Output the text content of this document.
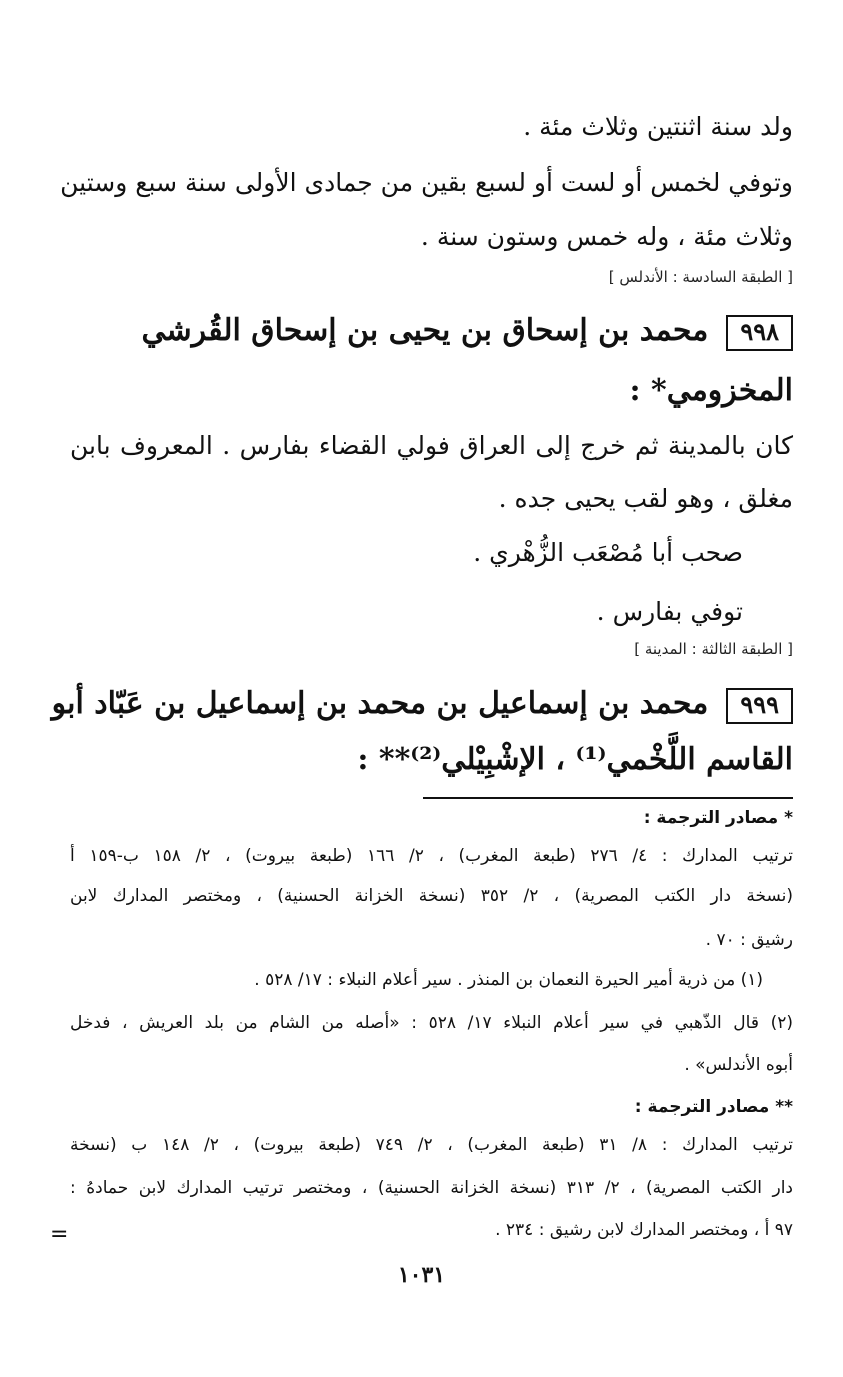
ولد سنة اثنتين وثلاث مئة .
وتوفي لخمس أو لست أو لسبع بقين من جمادى الأولى سنة سبع وستين
وثلاث مئة ، وله خمس وستون سنة .
[ الطبقة السادسة : الأندلس ]
٩٩٨محمد بن إسحاق بن يحيى بن إسحاق القُرشي
المخزومي* :
كان بالمدينة ثم خرج إلى العراق فولي القضاء بفارس . المعروف بابن
مغلق ، وهو لقب يحيى جده .
صحب أبا مُصْعَب الزُّهْري .
توفي بفارس .
[ الطبقة الثالثة : المدينة ]
٩٩٩محمد بن إسماعيل بن محمد بن إسماعيل بن عَبّاد أبو
القاسم اللَّخْمي⁽¹⁾ ، الإشْبِيْلي⁽²⁾** :
* مصادر الترجمة :
ترتيب المدارك : ٤/ ٢٧٦ (طبعة المغرب) ، ٢/ ١٦٦ (طبعة بيروت) ، ٢/ ١٥٨ ب-١٥٩ أ
(نسخة دار الكتب المصرية) ، ٢/ ٣٥٢ (نسخة الخزانة الحسنية) ، ومختصر المدارك لابن
رشيق : ٧٠ .
(١) من ذرية أمير الحيرة النعمان بن المنذر . سير أعلام النبلاء : ١٧/ ٥٢٨ .
(٢) قال الذّهبي في سير أعلام النبلاء ١٧/ ٥٢٨ : «أصله من الشام من بلد العريش ، فدخل
أبوه الأندلس» .
** مصادر الترجمة :
ترتيب المدارك : ٨/ ٣١ (طبعة المغرب) ، ٢/ ٧٤٩ (طبعة بيروت) ، ٢/ ١٤٨ ب (نسخة
دار الكتب المصرية) ، ٢/ ٣١٣ (نسخة الخزانة الحسنية) ، ومختصر ترتيب المدارك لابن حمادهُ :
٩٧ أ ، ومختصر المدارك لابن رشيق : ٢٣٤ .
=
١٠٣١
